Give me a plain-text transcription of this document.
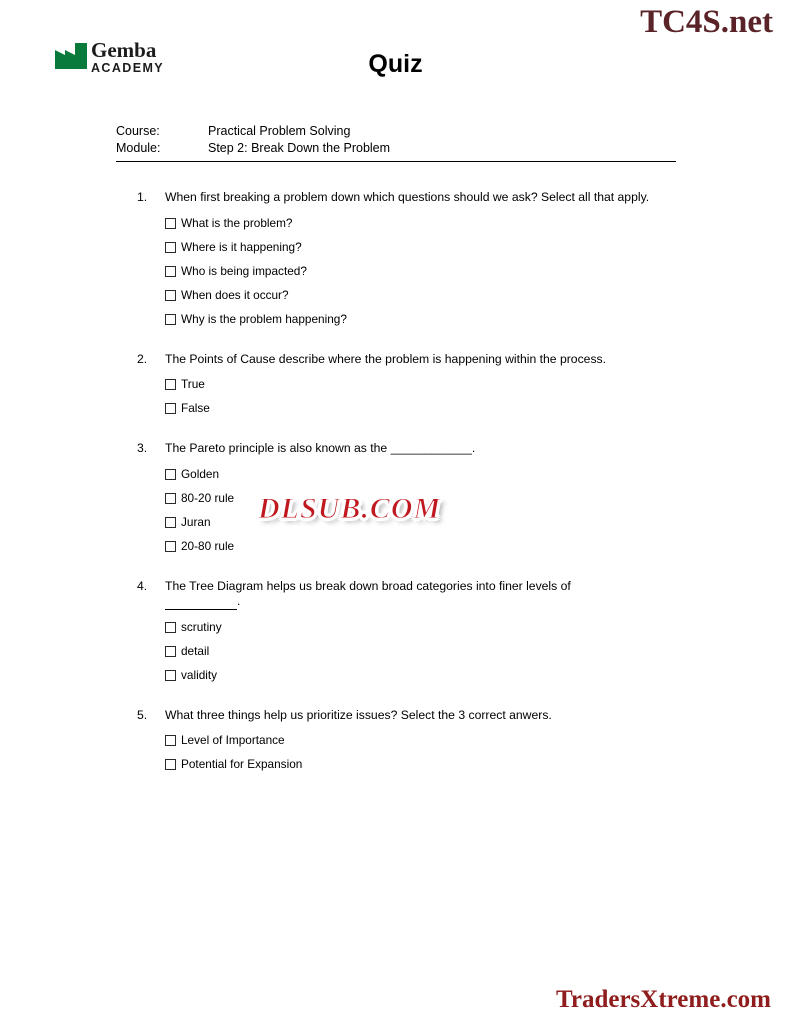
TC4S.net
Gemba
ACADEMY	Quiz
Course:	Practical Problem Solving
Module:	Step 2: Break Down the Problem
1. When first breaking a problem down which questions should we ask? Select all that apply.
What is the problem?
Where is it happening?
Who is being impacted?
When does it occur?
Why is the problem happening?
2. The Points of Cause describe where the problem is happening within the process.
True
False
3. The Pareto principle is also known as the ____________.
Golden
80-20 rule
Juran
20-80 rule
4. The Tree Diagram helps us break down broad categories into finer levels of
.
scrutiny
detail
validity
5. What three things help us prioritize issues? Select the 3 correct anwers.
Level of Importance
Potential for Expansion
DLSUB.COM
TradersXtreme.com
